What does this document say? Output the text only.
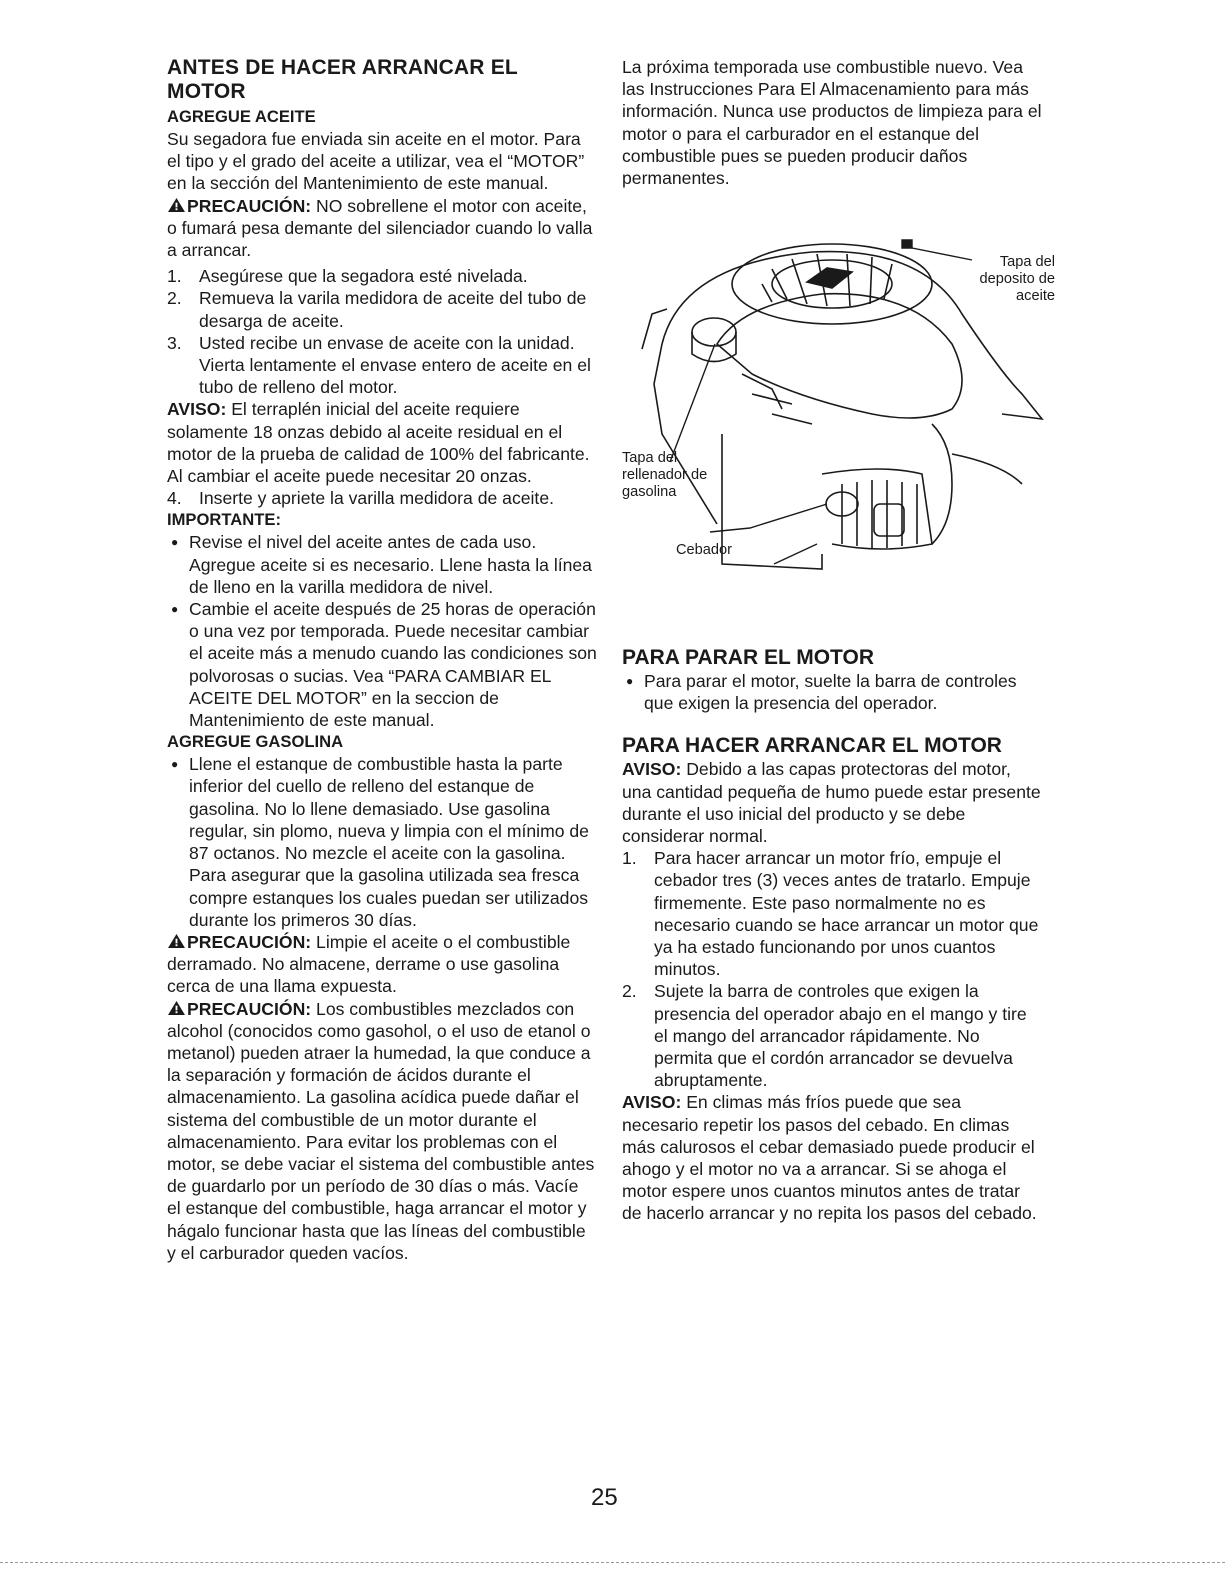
ANTES DE HACER ARRANCAR EL MOTOR
AGREGUE ACEITE

Su segadora fue enviada sin aceite en el motor. Para el tipo y el grado del aceite a utilizar, vea el “MOTOR” en la sección del Mantenimiento de este manual.

PRECAUCIÓN: NO sobrellene el motor con aceite, o fumará pesa demante del silenciador cuando lo valla a arrancar.

1. Asegúrese que la segadora esté nivelada.
2. Remueva la varila medidora de aceite del tubo de desarga de aceite.
3. Usted recibe un envase de aceite con la unidad. Vierta lentamente el envase entero de aceite en el tubo de relleno del motor.

AVISO: El terraplén inicial del aceite requiere solamente 18 onzas debido al aceite residual en el motor de la prueba de calidad de 100% del fabricante. Al cambiar el aceite puede necesitar 20 onzas.

4. Inserte y apriete la varilla medidora de aceite.
IMPORTANTE:
● Revise el nivel del aceite antes de cada uso. Agregue aceite si es necesario. Llene hasta la línea de lleno en la varilla medidora de nivel.
● Cambie el aceite después de 25 horas de operación o una vez por temporada. Puede necesitar cambiar el aceite más a menudo cuando las condiciones son polvorosas o sucias. Vea “PARA CAMBIAR EL ACEITE DEL MOTOR” en la seccion de Mantenimiento de este manual.
AGREGUE GASOLINA
● Llene el estanque de combustible hasta la parte inferior del cuello de relleno del estanque de gasolina. No lo llene demasiado. Use gasolina regular, sin plomo, nueva y limpia con el mínimo de 87 octanos. No mezcle el aceite con la gasolina. Para asegurar que la gasolina utilizada sea fresca compre estanques los cuales puedan ser utilizados durante los primeros 30 días.

PRECAUCIÓN: Limpie el aceite o el combustible derramado. No almacene, derrame o use gasolina cerca de una llama expuesta.

PRECAUCIÓN: Los combustibles mezclados con alcohol (conocidos como gasohol, o el uso de etanol o metanol) pueden atraer la humedad, la que conduce a la separación y formación de ácidos durante el almacenamiento. La gasolina acídica puede dañar el sistema del combustible de un motor durante el almacenamiento. Para evitar los problemas con el motor, se debe vaciar el sistema del combustible antes de guardarlo por un período de 30 días o más. Vacíe el estanque del combustible, haga arrancar el motor y hágalo funcionar hasta que las líneas del combustible y el carburador queden vacíos.

La próxima temporada use combustible nuevo. Vea las Instrucciones Para El Almacenamiento para más información. Nunca use productos de limpieza para el motor o para el carburador en el estanque del combustible pues se pueden producir daños permanentes.

Tapa del deposito de aceite
Tapa del rellenador de gasolina
Cebador
PARA PARAR EL MOTOR
● Para parar el motor, suelte la barra de controles que exigen la presencia del operador.
PARA HACER ARRANCAR EL MOTOR

AVISO: Debido a las capas protectoras del motor, una cantidad pequeña de humo puede estar presente durante el uso inicial del producto y se debe considerar normal.

1. Para hacer arrancar un motor frío, empuje el cebador tres (3) veces antes de tratarlo. Empuje firmemente. Este paso normalmente no es necesario cuando se hace arrancar un motor que ya ha estado funcionando por unos cuantos minutos.
2. Sujete la barra de controles que exigen la presencia del operador abajo en el mango y tire el mango del arrancador rápidamente. No permita que el cordón arrancador se devuelva abruptamente.

AVISO: En climas más fríos puede que sea necesario repetir los pasos del cebado. En climas más calurosos el cebar demasiado puede producir el ahogo y el motor no va a arrancar. Si se ahoga el motor espere unos cuantos minutos antes de tratar de hacerlo arrancar y no repita los pasos del cebado.

25
